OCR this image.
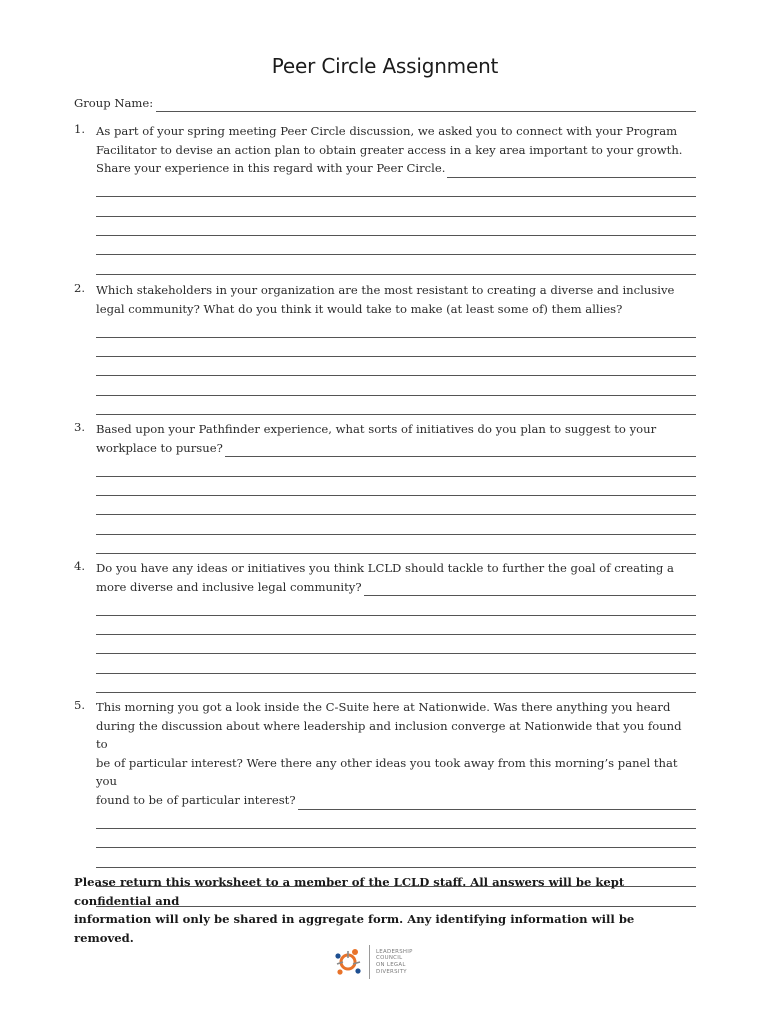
Peer Circle Assignment
Group Name:
1. As part of your spring meeting Peer Circle discussion, we asked you to connect with your Program
Facilitator to devise an action plan to obtain greater access in a key area important to your growth.
Share your experience in this regard with your Peer Circle.
2. Which stakeholders in your organization are the most resistant to creating a diverse and inclusive
legal community? What do you think it would take to make (at least some of) them allies?
3. Based upon your Pathfinder experience, what sorts of initiatives do you plan to suggest to your
workplace to pursue?
4. Do you have any ideas or initiatives you think LCLD should tackle to further the goal of creating a
more diverse and inclusive legal community?
5. This morning you got a look inside the C-Suite here at Nationwide. Was there anything you heard
during the discussion about where leadership and inclusion converge at Nationwide that you found to
be of particular interest? Were there any other ideas you took away from this morning’s panel that you
found to be of particular interest?
Please return this worksheet to a member of the LCLD staff. All answers will be kept confidential and
information will only be shared in aggregate form. Any identifying information will be removed.
LEADERSHIP
COUNCIL
ON LEGAL
DIVERSITY
